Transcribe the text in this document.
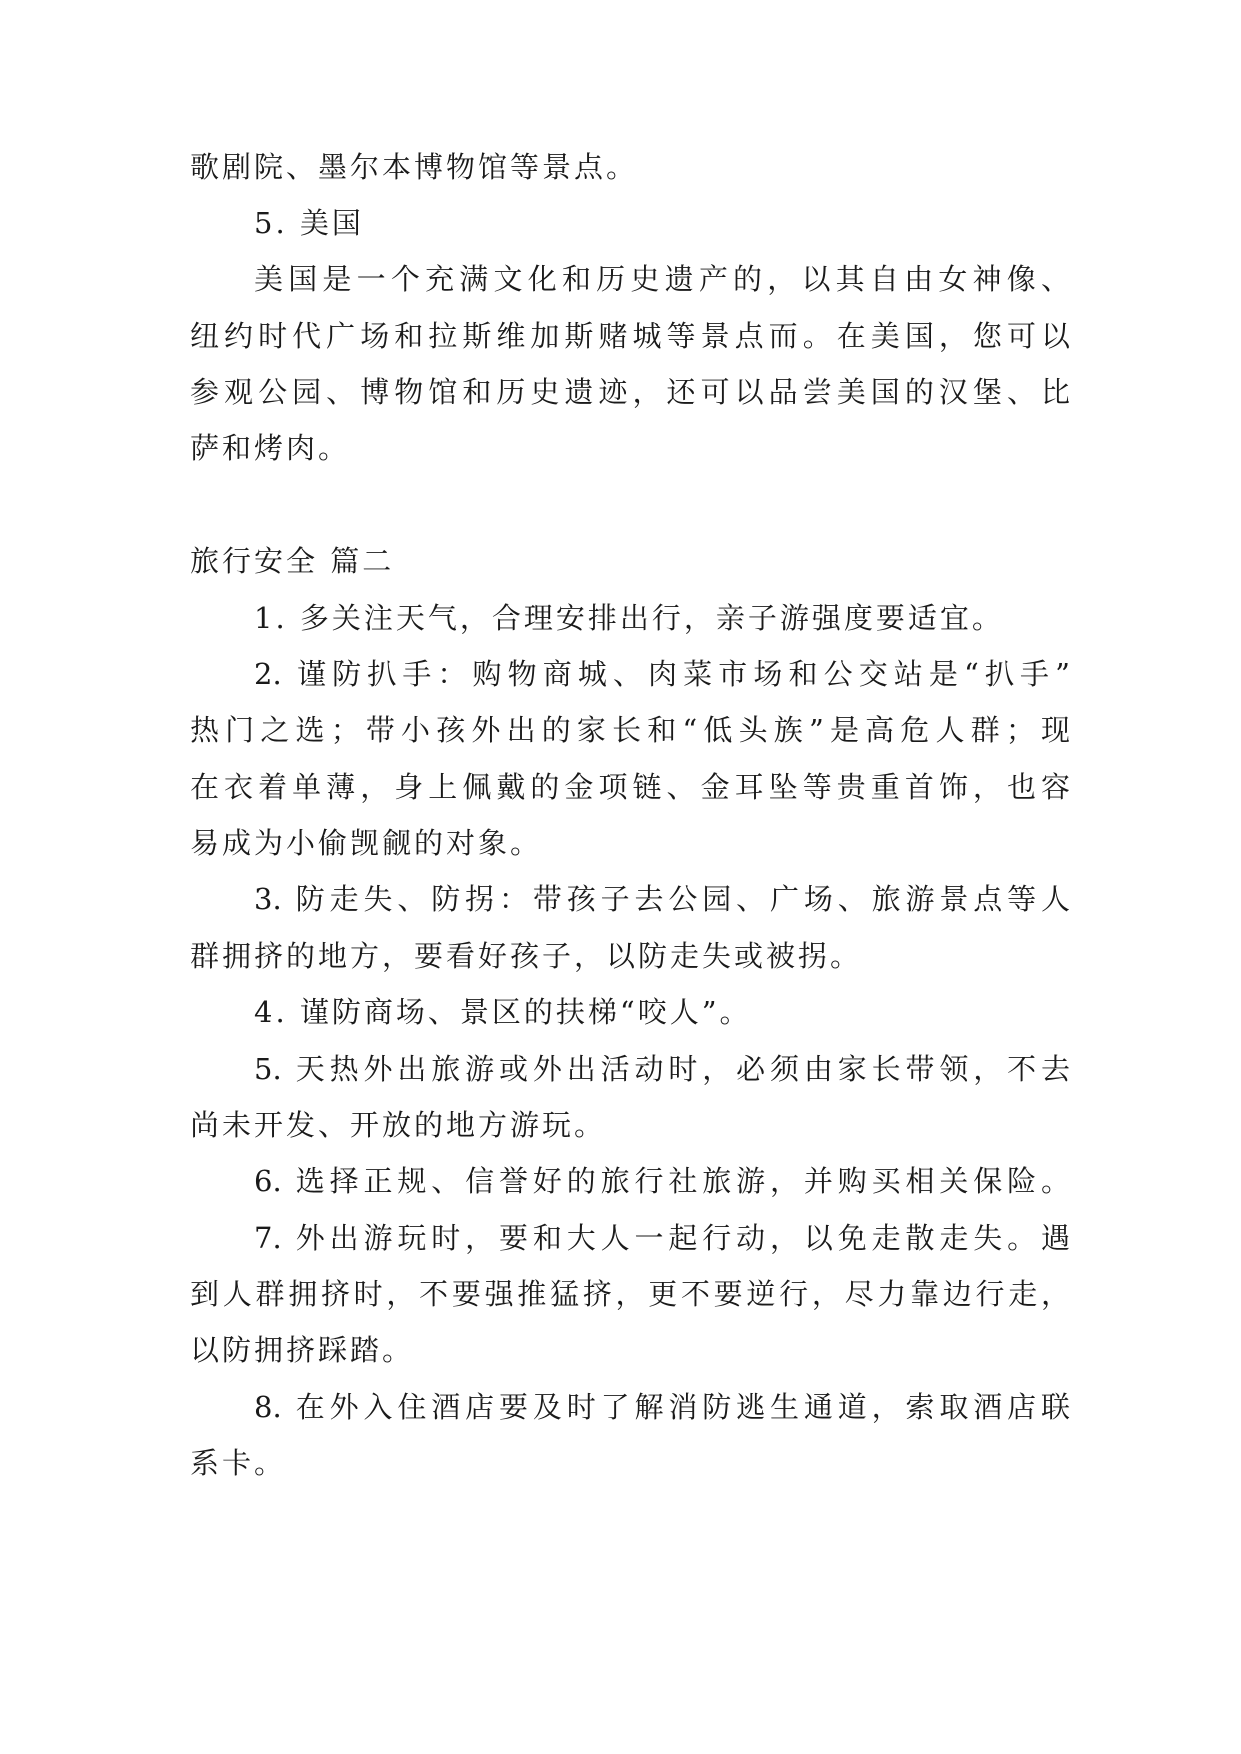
歌剧院、墨尔本博物馆等景点。
5. 美国
美国是一个充满文化和历史遗产的，以其自由女神像、
纽约时代广场和拉斯维加斯赌城等景点而。在美国，您可以
参观公园、博物馆和历史遗迹，还可以品尝美国的汉堡、比
萨和烤肉。
旅行安全 篇二
1. 多关注天气，合理安排出行，亲子游强度要适宜。
2. 谨防扒手：购物商城、肉菜市场和公交站是“扒手”
热门之选；带小孩外出的家长和“低头族”是高危人群；现
在衣着单薄，身上佩戴的金项链、金耳坠等贵重首饰，也容
易成为小偷觊觎的对象。
3. 防走失、防拐：带孩子去公园、广场、旅游景点等人
群拥挤的地方，要看好孩子，以防走失或被拐。
4. 谨防商场、景区的扶梯“咬人”。
5. 天热外出旅游或外出活动时，必须由家长带领，不去
尚未开发、开放的地方游玩。
6. 选择正规、信誉好的旅行社旅游，并购买相关保险。
7. 外出游玩时，要和大人一起行动，以免走散走失。遇
到人群拥挤时，不要强推猛挤，更不要逆行，尽力靠边行走，
以防拥挤踩踏。
8. 在外入住酒店要及时了解消防逃生通道，索取酒店联
系卡。
